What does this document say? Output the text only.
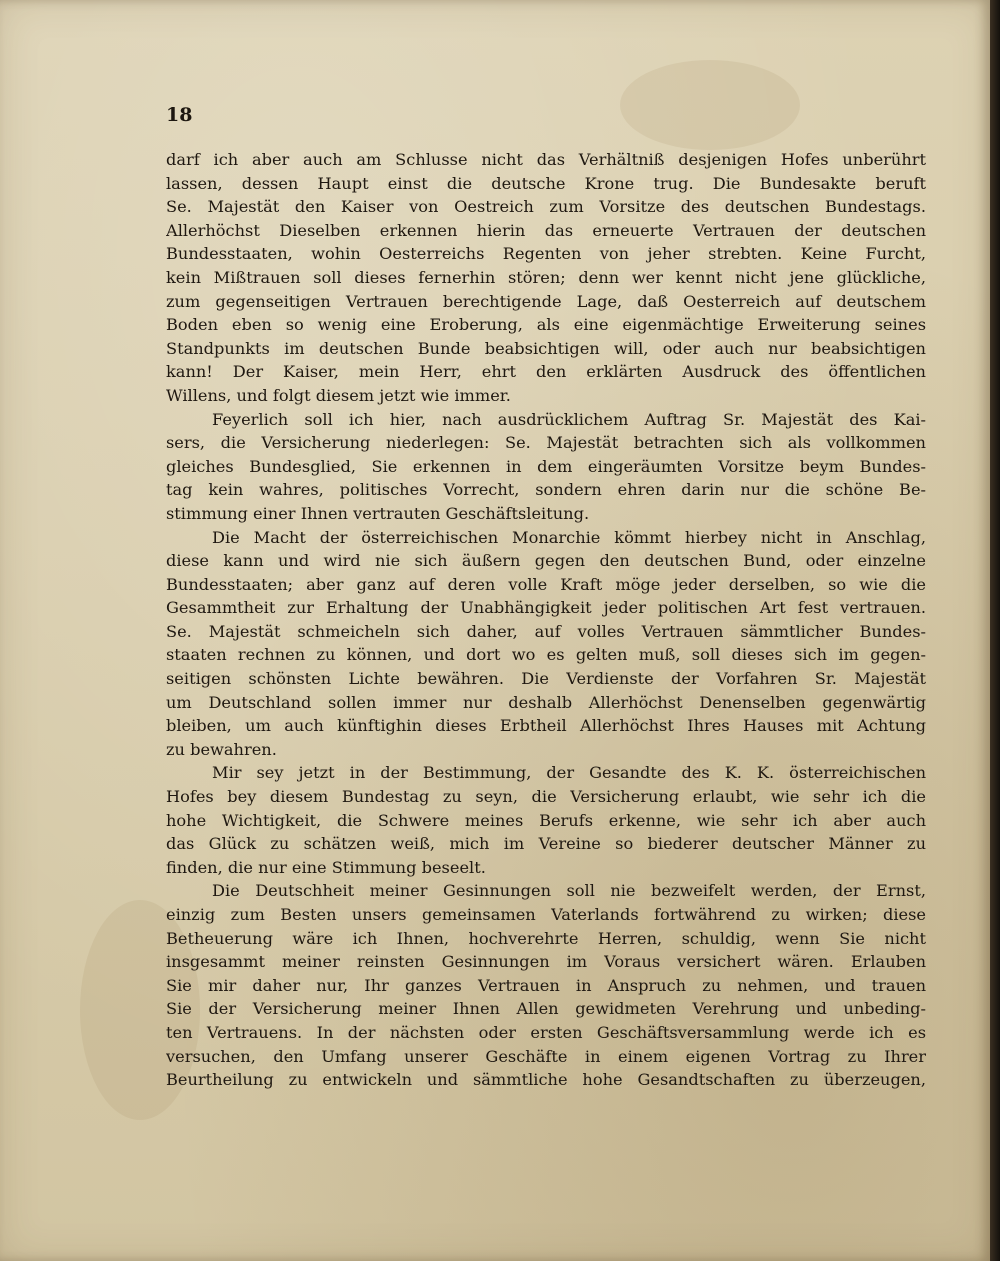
18
darf ich aber auch am Schlusse nicht das Verhältniß desjenigen Hofes unberührt
lassen, dessen Haupt einst die deutsche Krone trug. Die Bundesakte beruft
Se. Majestät den Kaiser von Oestreich zum Vorsitze des deutschen Bundestags.
Allerhöchst Dieselben erkennen hierin das erneuerte Vertrauen der deutschen
Bundesstaaten, wohin Oesterreichs Regenten von jeher strebten. Keine Furcht,
kein Mißtrauen soll dieses fernerhin stören; denn wer kennt nicht jene glückliche,
zum gegenseitigen Vertrauen berechtigende Lage, daß Oesterreich auf deutschem
Boden eben so wenig eine Eroberung, als eine eigenmächtige Erweiterung seines
Standpunkts im deutschen Bunde beabsichtigen will, oder auch nur beabsichtigen
kann! Der Kaiser, mein Herr, ehrt den erklärten Ausdruck des öffentlichen
Willens, und folgt diesem jetzt wie immer.
Feyerlich soll ich hier, nach ausdrücklichem Auftrag Sr. Majestät des Kai-
sers, die Versicherung niederlegen: Se. Majestät betrachten sich als vollkommen
gleiches Bundesglied, Sie erkennen in dem eingeräumten Vorsitze beym Bundes-
tag kein wahres, politisches Vorrecht, sondern ehren darin nur die schöne Be-
stimmung einer Ihnen vertrauten Geschäftsleitung.
Die Macht der österreichischen Monarchie kömmt hierbey nicht in Anschlag,
diese kann und wird nie sich äußern gegen den deutschen Bund, oder einzelne
Bundesstaaten; aber ganz auf deren volle Kraft möge jeder derselben, so wie die
Gesammtheit zur Erhaltung der Unabhängigkeit jeder politischen Art fest vertrauen.
Se. Majestät schmeicheln sich daher, auf volles Vertrauen sämmtlicher Bundes-
staaten rechnen zu können, und dort wo es gelten muß, soll dieses sich im gegen-
seitigen schönsten Lichte bewähren. Die Verdienste der Vorfahren Sr. Majestät
um Deutschland sollen immer nur deshalb Allerhöchst Denenselben gegenwärtig
bleiben, um auch künftighin dieses Erbtheil Allerhöchst Ihres Hauses mit Achtung
zu bewahren.
Mir sey jetzt in der Bestimmung, der Gesandte des K. K. österreichischen
Hofes bey diesem Bundestag zu seyn, die Versicherung erlaubt, wie sehr ich die
hohe Wichtigkeit, die Schwere meines Berufs erkenne, wie sehr ich aber auch
das Glück zu schätzen weiß, mich im Vereine so biederer deutscher Männer zu
finden, die nur eine Stimmung beseelt.
Die Deutschheit meiner Gesinnungen soll nie bezweifelt werden, der Ernst,
einzig zum Besten unsers gemeinsamen Vaterlands fortwährend zu wirken; diese
Betheuerung wäre ich Ihnen, hochverehrte Herren, schuldig, wenn Sie nicht
insgesammt meiner reinsten Gesinnungen im Voraus versichert wären. Erlauben
Sie mir daher nur, Ihr ganzes Vertrauen in Anspruch zu nehmen, und trauen
Sie der Versicherung meiner Ihnen Allen gewidmeten Verehrung und unbeding-
ten Vertrauens. In der nächsten oder ersten Geschäftsversammlung werde ich es
versuchen, den Umfang unserer Geschäfte in einem eigenen Vortrag zu Ihrer
Beurtheilung zu entwickeln und sämmtliche hohe Gesandtschaften zu überzeugen,
